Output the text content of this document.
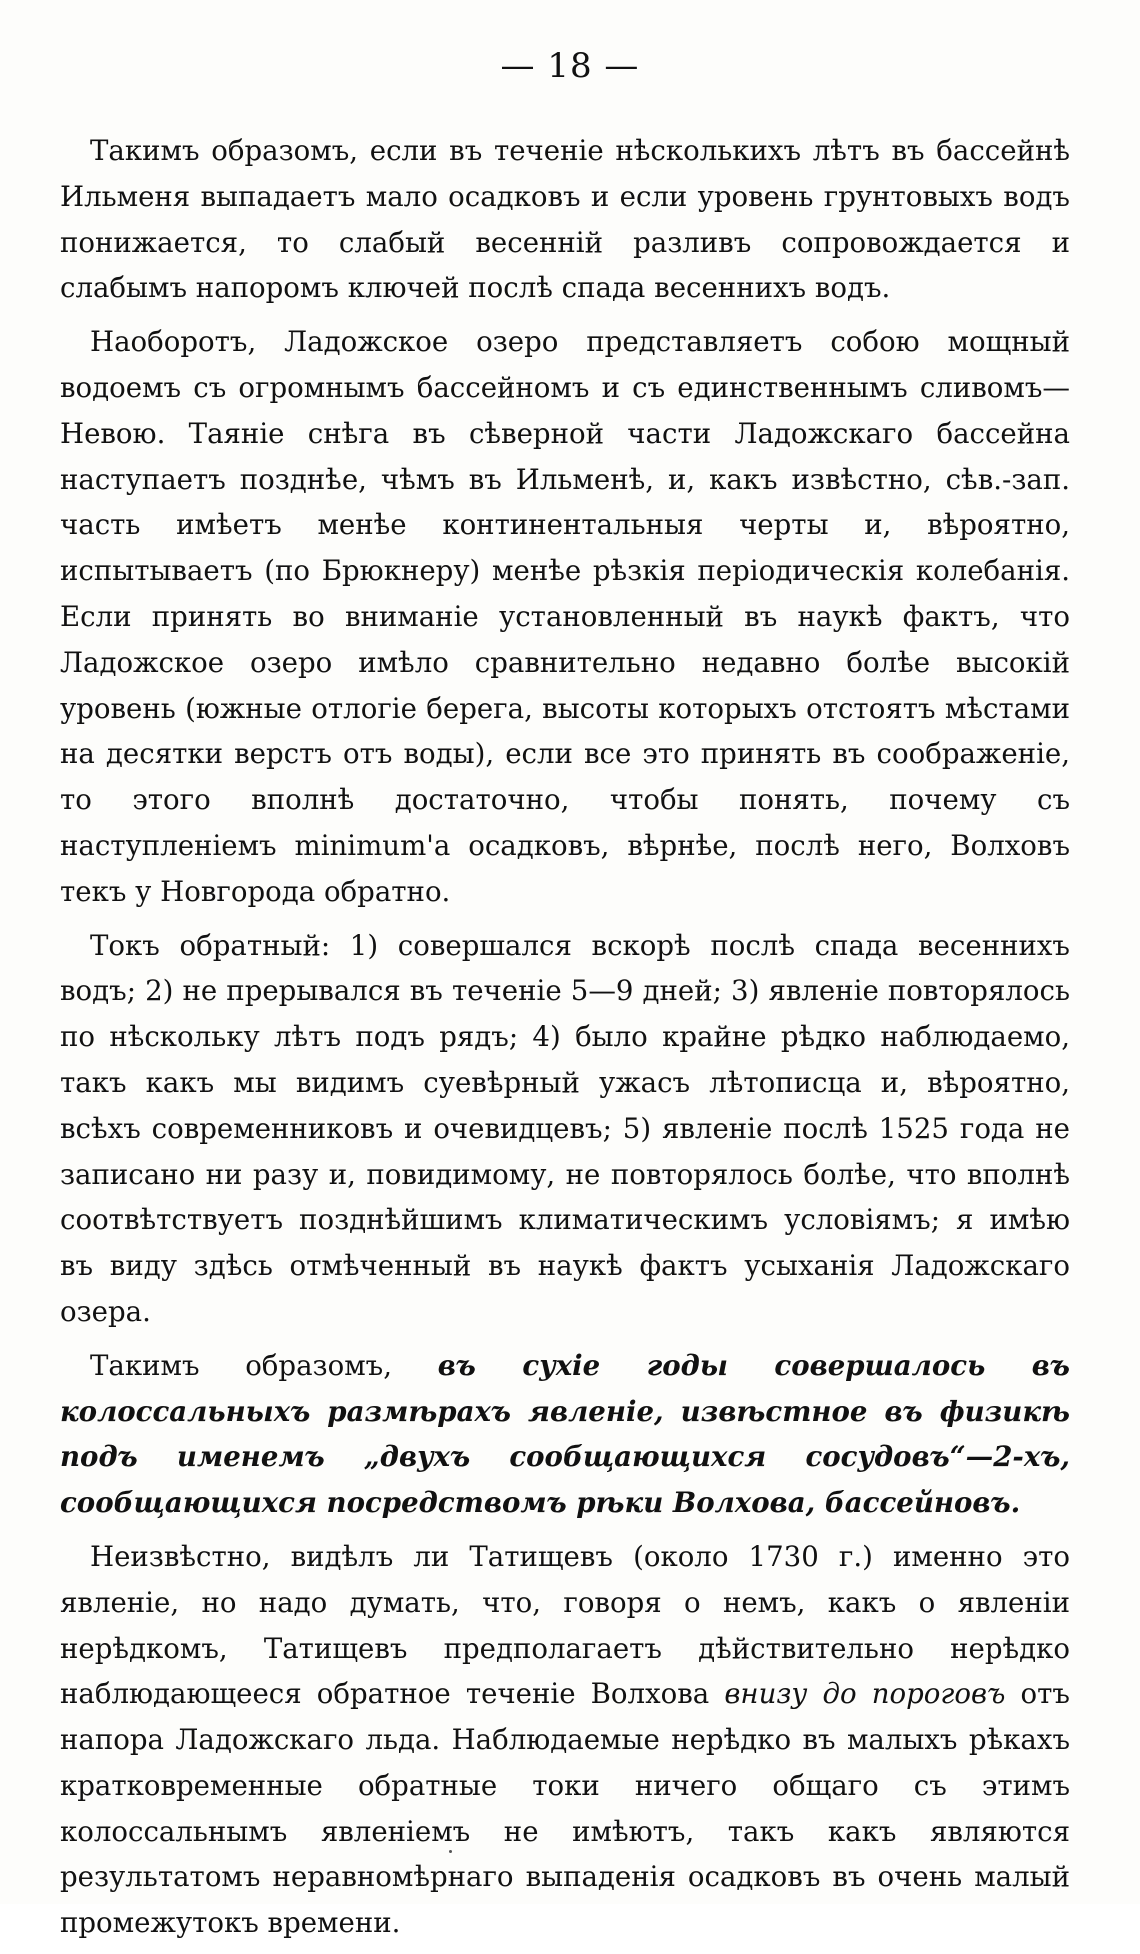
— 18 —

Такимъ образомъ, если въ теченіе нѣсколькихъ лѣтъ въ бассейнѣ Ильменя выпадаетъ мало осадковъ и если уровень грунтовыхъ водъ понижается, то слабый весенній разливъ сопровождается и слабымъ напоромъ ключей послѣ спада весеннихъ водъ.

Наоборотъ, Ладожское озеро представляетъ собою мощный водоемъ съ огромнымъ бассейномъ и съ единственнымъ сливомъ— Невою. Таяніе снѣга въ сѣверной части Ладожскаго бассейна наступаетъ позднѣе, чѣмъ въ Ильменѣ, и, какъ извѣстно, сѣв.-зап. часть имѣетъ менѣе континентальныя черты и, вѣроятно, испытываетъ (по Брюкнеру) менѣе рѣзкія періодическія колебанія. Если принять во вниманіе установленный въ наукѣ фактъ, что Ладожское озеро имѣло сравнительно недавно болѣе высокій уровень (южные отлогіе берега, высоты которыхъ отстоятъ мѣстами на десятки верстъ отъ воды), если все это принять въ соображеніе, то этого вполнѣ достаточно, чтобы понять, почему съ наступленіемъ minimum'а осадковъ, вѣрнѣе, послѣ него, Волховъ текъ у Новгорода обратно.

Токъ обратный: 1) совершался вскорѣ послѣ спада весеннихъ водъ; 2) не прерывался въ теченіе 5—9 дней; 3) явленіе повторялось по нѣскольку лѣтъ подъ рядъ; 4) было крайне рѣдко наблюдаемо, такъ какъ мы видимъ суевѣрный ужасъ лѣтописца и, вѣроятно, всѣхъ современниковъ и очевидцевъ; 5) явленіе послѣ 1525 года не записано ни разу и, повидимому, не повторялось болѣе, что вполнѣ соотвѣтствуетъ позднѣйшимъ климатическимъ условіямъ; я имѣю въ виду здѣсь отмѣченный въ наукѣ фактъ усыханія Ладожскаго озера.

Такимъ образомъ, въ сухіе годы совершалось въ колоссальныхъ размѣрахъ явленіе, извѣстное въ физикѣ подъ именемъ „двухъ сообщающихся сосудовъ“—2-хъ, сообщающихся посредствомъ рѣки Волхова, бассейновъ.

Неизвѣстно, видѣлъ ли Татищевъ (около 1730 г.) именно это явленіе, но надо думать, что, говоря о немъ, какъ о явленіи нерѣдкомъ, Татищевъ предполагаетъ дѣйствительно нерѣдко наблюдающееся обратное теченіе Волхова внизу до пороговъ отъ напора Ладожскаго льда. Наблюдаемые нерѣдко въ малыхъ рѣкахъ кратковременные обратные токи ничего общаго съ этимъ колоссальнымъ явленіемъ не имѣютъ, такъ какъ являются результатомъ неравномѣрнаго выпаденія осадковъ въ очень малый промежутокъ времени.
